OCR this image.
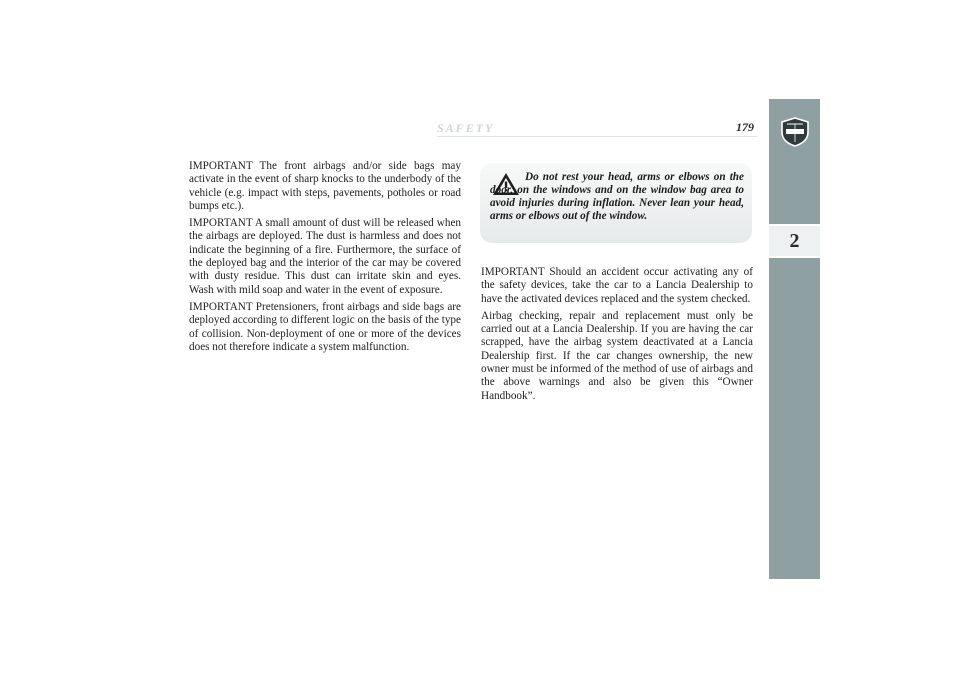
SAFETY	179
2

IMPORTANT The front airbags and/or side bags may activate in the event of sharp knocks to the underbody of the vehicle (e.g. impact with steps, pavements, potholes or road bumps etc.).

IMPORTANT A small amount of dust will be released when the airbags are deployed. The dust is harmless and does not indicate the beginning of a fire. Furthermore, the surface of the deployed bag and the interior of the car may be covered with dusty residue. This dust can irritate skin and eyes. Wash with mild soap and water in the event of exposure.

IMPORTANT Pretensioners, front airbags and side bags are deployed according to different logic on the basis of the type of collision. Non-deployment of one or more of the devices does not therefore indicate a system malfunction.

Do not rest your head, arms or elbows on the door, on the windows and on the window bag area to avoid injuries during inflation. Never lean your head, arms or elbows out of the window.

IMPORTANT Should an accident occur activating any of the safety devices, take the car to a Lancia Dealership to have the activated devices replaced and the system checked.

Airbag checking, repair and replacement must only be carried out at a Lancia Dealership. If you are having the car scrapped, have the airbag system deactivated at a Lancia Dealership first. If the car changes ownership, the new owner must be informed of the method of use of airbags and the above warnings and also be given this “Owner Handbook”.
